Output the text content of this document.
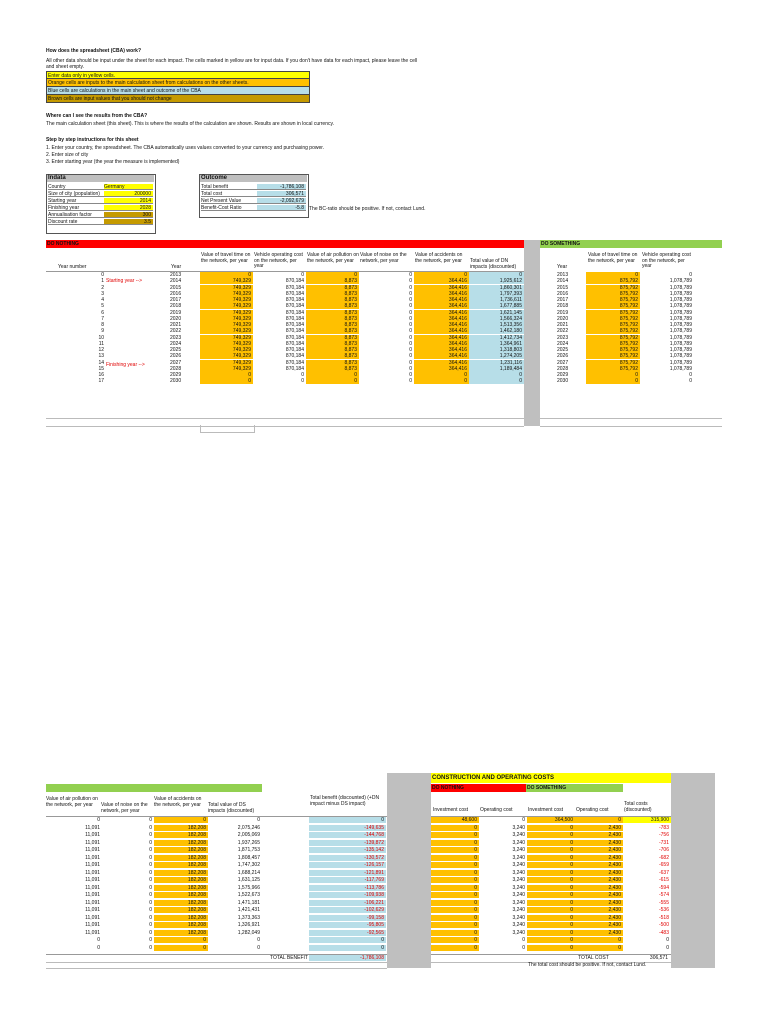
How does the spreadsheet (CBA) work?
All other data should be input under the sheet for each impact. The cells marked in yellow are for input data. If you don't have data for each impact, please leave the cell
and sheet empty.
Enter data only in yellow cells.
Orange cells are inputs to the main calculation sheet from calculations on the other sheets.
Blue cells are calculations in the main sheet and outcome of the CBA
Brown cells are input values that you should not change
Where can I see the results from the CBA?
The main calculation sheet (this sheet). This is where the results of the calculation are shown. Results are shown in local currency.
Step by step instructions for this sheet
1. Enter your country, the spreadsheet. The CBA automatically uses values converted to your currency and purchasing power.
2. Enter size of city
3. Enter starting year (the year the measure is implemented)
Indata
Country	Germany
Size of city (population)	200000
Starting year	2014
Finishing year	2028
Annualisation factor	300
Discount rate	3.5
Outcome
Total benefit	-1,786,108
Total cost	306,571
Net Present Value	-2,092,679
Benefit-Cost Ratio	-5.8	The BC-ratio should be positive. If not, contact Lund.
DO NOTHING	DO SOMETHING
Year number	Year
Value of travel time on the network, per year
Vehicle operating cost on the network, per year
Value of air pollution on the network, per year
Value of noise on the network, per year
Value of accidents on the network, per year	Total value of DN impacts (discounted)	Year
Value of travel time on the network, per year
Vehicle operating cost on the network, per year
0	2013	0	0	0	0	0	0	2013	0	0
1	2014	749,329	870,184	8,873	0	364,416	1,925,612	2014	875,792	1,078,789
2	2015	749,329	870,184	8,873	0	364,416	1,860,301	2015	875,792	1,078,789
3	2016	749,329	870,184	8,873	0	364,416	1,797,393	2016	875,792	1,078,789
4	2017	749,329	870,184	8,873	0	364,416	1,736,611	2017	875,792	1,078,789
5	2018	749,329	870,184	8,873	0	364,416	1,677,885	2018	875,792	1,078,789
6	2019	749,329	870,184	8,873	0	364,416	1,621,145	2019	875,792	1,078,789
7	2020	749,329	870,184	8,873	0	364,416	1,566,324	2020	875,792	1,078,789
8	2021	749,329	870,184	8,873	0	364,416	1,513,356	2021	875,792	1,078,789
9	2022	749,329	870,184	8,873	0	364,416	1,462,180	2022	875,792	1,078,789
10	2023	749,329	870,184	8,873	0	364,416	1,412,734	2023	875,792	1,078,789
11	2024	749,329	870,184	8,873	0	364,416	1,364,961	2024	875,792	1,078,789
12	2025	749,329	870,184	8,873	0	364,416	1,318,803	2025	875,792	1,078,789
13	2026	749,329	870,184	8,873	0	364,416	1,274,205	2026	875,792	1,078,789
14	2027	749,329	870,184	8,873	0	364,416	1,231,116	2027	875,792	1,078,789
15	2028	749,329	870,184	8,873	0	364,416	1,189,484	2028	875,792	1,078,789
16	2029	0	0	0	0	0	0	2029	0	0
17	2030	0	0	0	0	0	0	2030	0	0
Starting year -->
Finishing year -->
CONSTRUCTION AND OPERATING COSTS
DO NOTHING	DO SOMETHING
Value of air pollution on the network, per year	Value of noise on the network, per year
Value of accidents on the network, per year	Total value of DS impacts (discounted)
Total benefit (discounted) (+DN impact minus DS impact)
Investment cost	Operating cost	Investment cost	Operating cost
Total costs (discounted)
0	0	0	0	0	48,600	0	364,500	0	315,900
11,091	0	182,208	2,075,246	-149,635	0	3,240	0	2,430	-783
11,091	0	182,208	2,005,069	-144,768	0	3,240	0	2,430	-756
11,091	0	182,208	1,937,265	-139,872	0	3,240	0	2,430	-731
11,091	0	182,208	1,871,753	-135,142	0	3,240	0	2,430	-706
11,091	0	182,208	1,808,457	-130,572	0	3,240	0	2,430	-682
11,091	0	182,208	1,747,302	-126,157	0	3,240	0	2,430	-659
11,091	0	182,208	1,688,214	-121,891	0	3,240	0	2,430	-637
11,091	0	182,208	1,631,125	-117,769	0	3,240	0	2,430	-615
11,091	0	182,208	1,575,966	-113,786	0	3,240	0	2,430	-594
11,091	0	182,208	1,522,673	-109,938	0	3,240	0	2,430	-574
11,091	0	182,208	1,471,181	-106,221	0	3,240	0	2,430	-555
11,091	0	182,208	1,421,431	-102,629	0	3,240	0	2,430	-536
11,091	0	182,208	1,373,363	-99,158	0	3,240	0	2,430	-518
11,091	0	182,208	1,326,921	-95,805	0	3,240	0	2,430	-500
11,091	0	182,208	1,282,049	-92,565	0	3,240	0	2,430	-483
0	0	0	0	0	0	0	0	0	0
0	0	0	0	0	0	0	0	0	0
TOTAL BENEFIT	-1,786,108	TOTAL COST	306,571
The total cost should be positive. If not, contact Lund.
